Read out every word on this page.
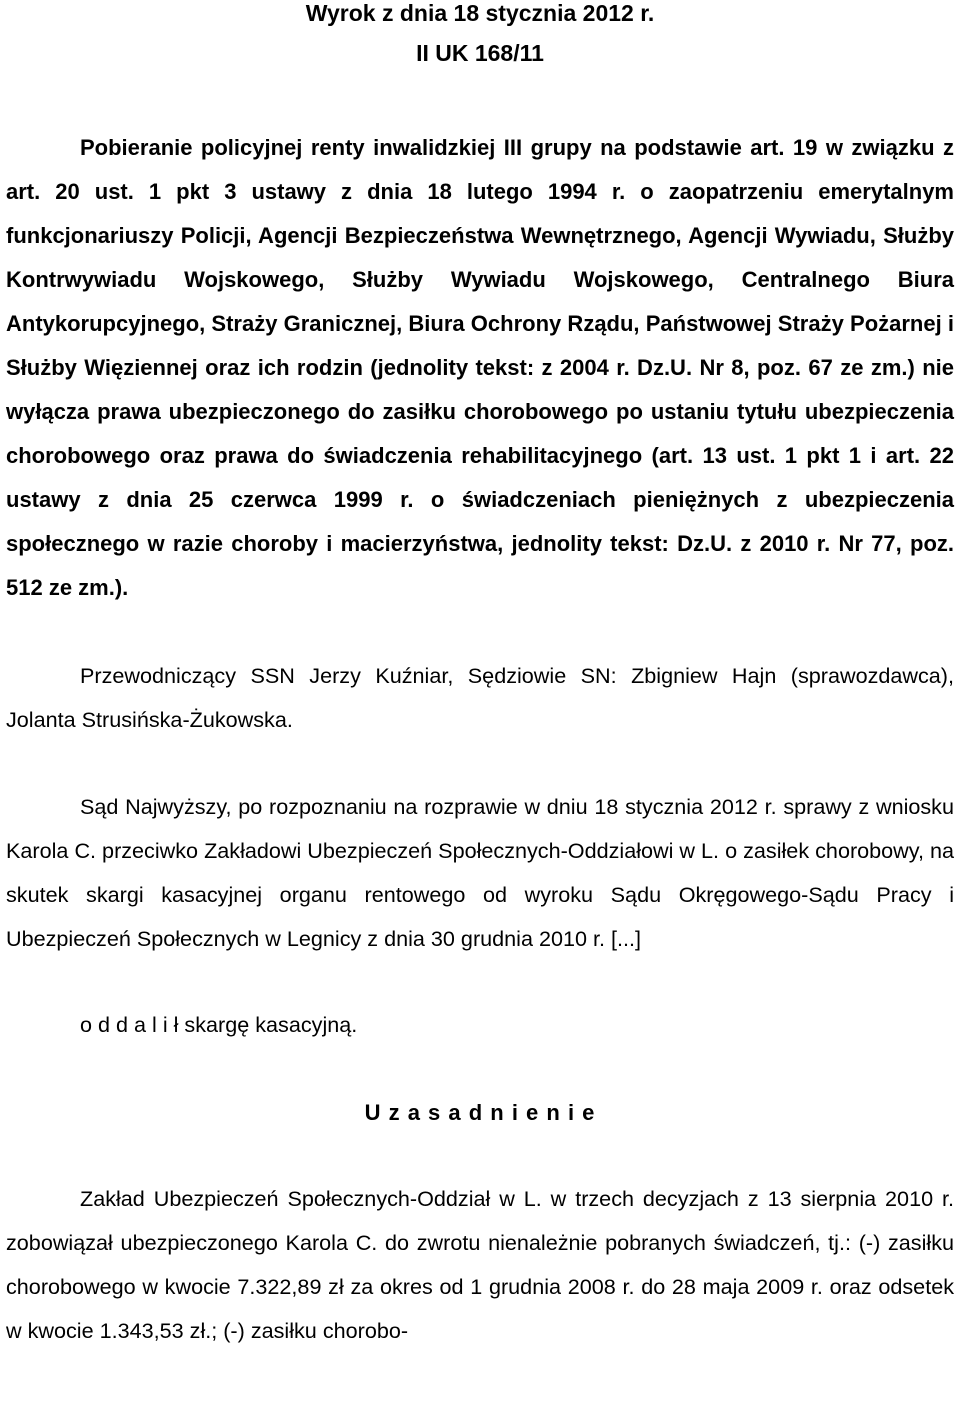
Wyrok z dnia 18 stycznia 2012 r.
II UK 168/11
Pobieranie policyjnej renty inwalidzkiej III grupy na podstawie art. 19 w związku z art. 20 ust. 1 pkt 3 ustawy z dnia 18 lutego 1994 r. o zaopatrzeniu emerytalnym funkcjonariuszy Policji, Agencji Bezpieczeństwa Wewnętrznego, Agencji Wywiadu, Służby Kontrwywiadu Wojskowego, Służby Wywiadu Wojskowego, Centralnego Biura Antykorupcyjnego, Straży Granicznej, Biura Ochrony Rządu, Państwowej Straży Pożarnej i Służby Więziennej oraz ich rodzin (jednolity tekst: z 2004 r. Dz.U. Nr 8, poz. 67 ze zm.) nie wyłącza prawa ubezpieczonego do zasiłku chorobowego po ustaniu tytułu ubezpieczenia chorobowego oraz prawa do świadczenia rehabilitacyjnego (art. 13 ust. 1 pkt 1 i art. 22 ustawy z dnia 25 czerwca 1999 r. o świadczeniach pieniężnych z ubezpieczenia społecznego w razie choroby i macierzyństwa, jednolity tekst: Dz.U. z 2010 r. Nr 77, poz. 512 ze zm.).
Przewodniczący SSN Jerzy Kuźniar, Sędziowie SN: Zbigniew Hajn (sprawozdawca), Jolanta Strusińska-Żukowska.
Sąd Najwyższy, po rozpoznaniu na rozprawie w dniu 18 stycznia 2012 r. sprawy z wniosku Karola C. przeciwko Zakładowi Ubezpieczeń Społecznych-Oddziałowi w L. o zasiłek chorobowy, na skutek skargi kasacyjnej organu rentowego od wyroku Sądu Okręgowego-Sądu Pracy i Ubezpieczeń Społecznych w Legnicy z dnia 30 grudnia 2010 r. [...]
o d d a l i ł skargę kasacyjną.
U z a s a d n i e n i e
Zakład Ubezpieczeń Społecznych-Oddział w L. w trzech decyzjach z 13 sierpnia 2010 r. zobowiązał ubezpieczonego Karola C. do zwrotu nienależnie pobranych świadczeń, tj.: (-) zasiłku chorobowego w kwocie 7.322,89 zł za okres od 1 grudnia 2008 r. do 28 maja 2009 r. oraz odsetek w kwocie 1.343,53 zł.; (-) zasiłku chorobo-
